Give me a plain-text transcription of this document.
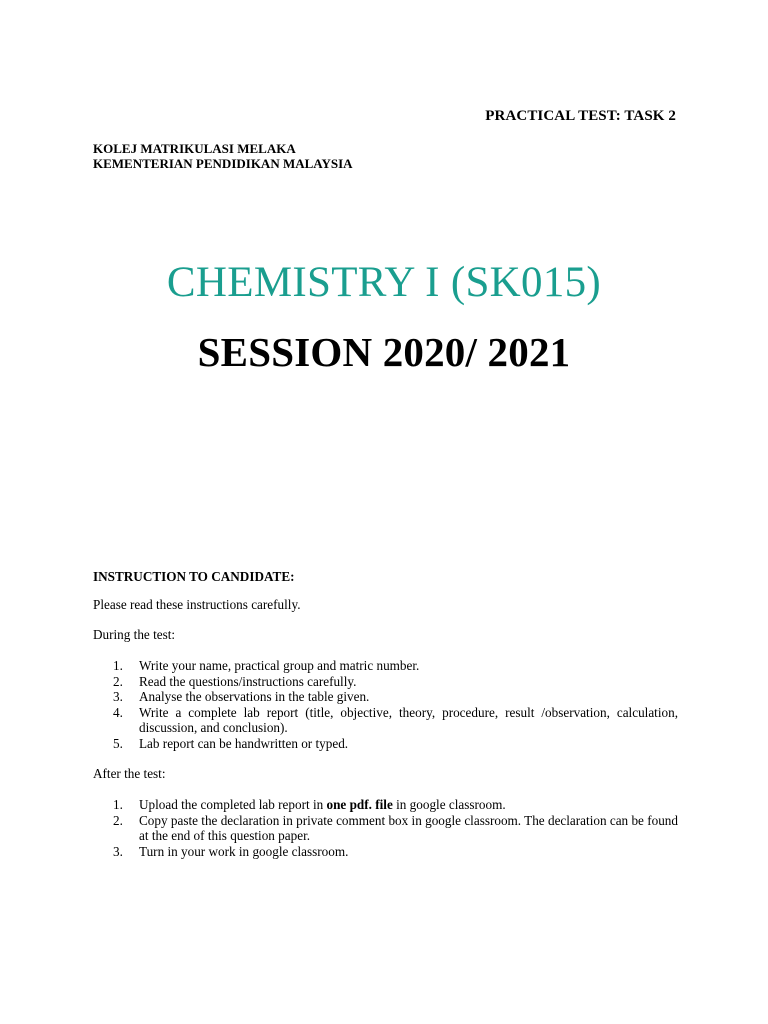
PRACTICAL TEST: TASK 2
KOLEJ MATRIKULASI MELAKA
KEMENTERIAN PENDIDIKAN MALAYSIA
CHEMISTRY I (SK015)
SESSION 2020/ 2021
INSTRUCTION TO CANDIDATE:
Please read these instructions carefully.
During the test:
1. Write your name, practical group and matric number.
2. Read the questions/instructions carefully.
3. Analyse the observations in the table given.
4. Write a complete lab report (title, objective, theory, procedure, result /observation, calculation, discussion, and conclusion).
5. Lab report can be handwritten or typed.
After the test:
1. Upload the completed lab report in one pdf. file in google classroom.
2. Copy paste the declaration in private comment box in google classroom. The declaration can be found at the end of this question paper.
3. Turn in your work in google classroom.
